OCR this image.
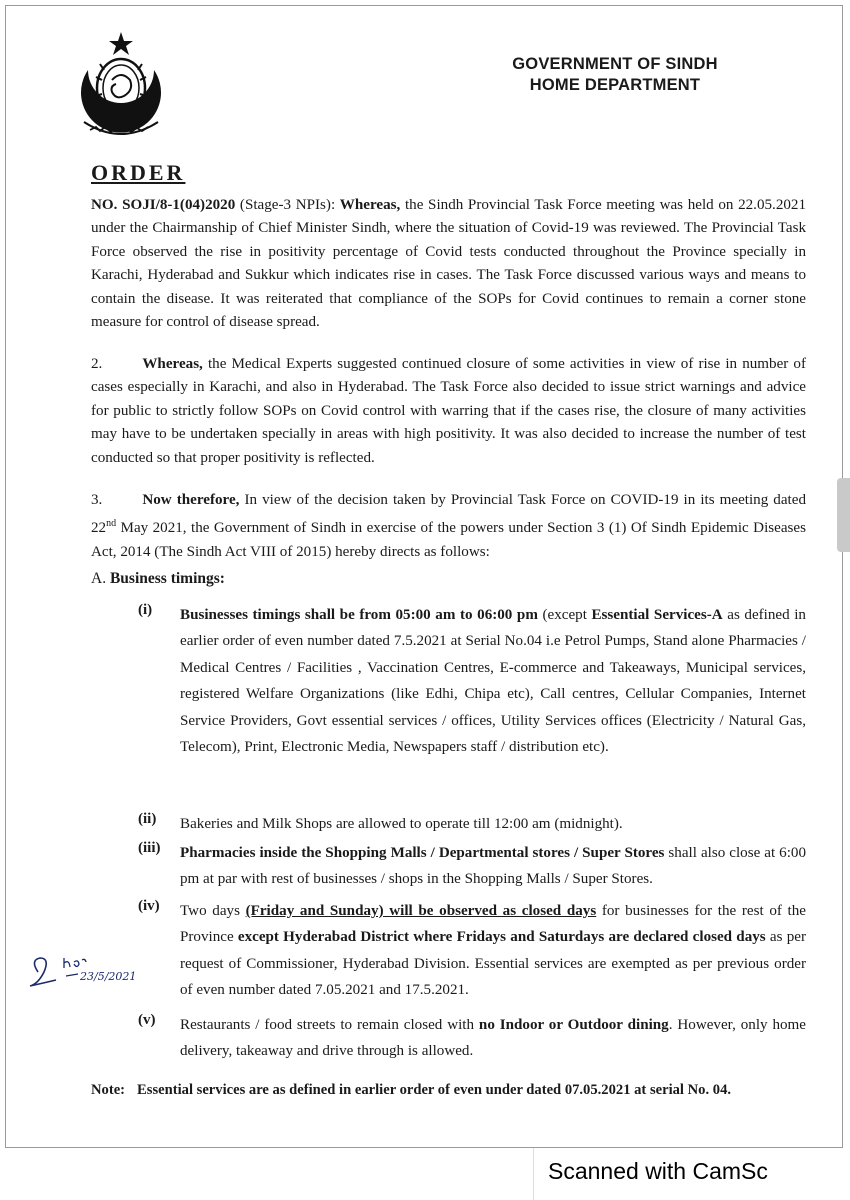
GOVERNMENT OF SINDH
HOME DEPARTMENT
ORDER

NO. SOJI/8-1(04)2020 (Stage-3 NPIs): Whereas, the Sindh Provincial Task Force meeting was held on 22.05.2021 under the Chairmanship of Chief Minister Sindh, where the situation of Covid-19 was reviewed. The Provincial Task Force observed the rise in positivity percentage of Covid tests conducted throughout the Province specially in Karachi, Hyderabad and Sukkur which indicates rise in cases. The Task Force discussed various ways and means to contain the disease. It was reiterated that compliance of the SOPs for Covid continues to remain a corner stone measure for control of disease spread.

2.	Whereas, the Medical Experts suggested continued closure of some activities in view of rise in number of cases especially in Karachi, and also in Hyderabad. The Task Force also decided to issue strict warnings and advice for public to strictly follow SOPs on Covid control with warring that if the cases rise, the closure of many activities may have to be undertaken specially in areas with high positivity. It was also decided to increase the number of test conducted so that proper positivity is reflected.

3.	Now therefore, In view of the decision taken by Provincial Task Force on COVID-19 in its meeting dated 22nd May 2021, the Government of Sindh in exercise of the powers under Section 3 (1) Of Sindh Epidemic Diseases Act, 2014 (The Sindh Act VIII of 2015) hereby directs as follows:

A. Business timings:
(i) Businesses timings shall be from 05:00 am to 06:00 pm (except Essential Services-A as defined in earlier order of even number dated 7.5.2021 at Serial No.04 i.e Petrol Pumps, Stand alone Pharmacies / Medical Centres / Facilities , Vaccination Centres, E-commerce and Takeaways, Municipal services, registered Welfare Organizations (like Edhi, Chipa etc), Call centres, Cellular Companies, Internet Service Providers, Govt essential services / offices, Utility Services offices (Electricity / Natural Gas, Telecom), Print, Electronic Media, Newspapers staff / distribution etc).
(ii) Bakeries and Milk Shops are allowed to operate till 12:00 am (midnight).
(iii) Pharmacies inside the Shopping Malls / Departmental stores / Super Stores shall also close at 6:00 pm at par with rest of businesses / shops in the Shopping Malls / Super Stores.
(iv) Two days (Friday and Sunday) will be observed as closed days for businesses for the rest of the Province except Hyderabad District where Fridays and Saturdays are declared closed days as per request of Commissioner, Hyderabad Division. Essential services are exempted as per previous order of even number dated 7.05.2021 and 17.5.2021.
(v) Restaurants / food streets to remain closed with no Indoor or Outdoor dining. However, only home delivery, takeaway and drive through is allowed.
Note: Essential services are as defined in earlier order of even under dated 07.05.2021 at serial No. 04.
23/5/2021
Scanned with CamSc
